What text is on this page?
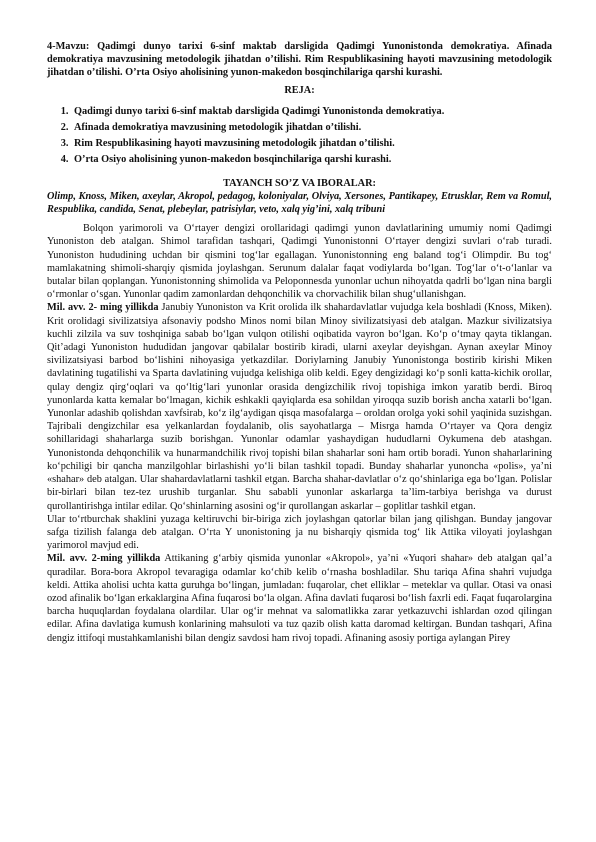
4-Mavzu: Qadimgi dunyo tarixi 6-sinf maktab darsligida Qadimgi Yunonistonda demokratiya. Afinada demokratiya mavzusining metodologik jihatdan o’tilishi. Rim Respublikasining hayoti mavzusining metodologik jihatdan o’tilishi. O’rta Osiyo aholisining yunon-makedon bosqinchilariga qarshi kurashi.

REJA:
1. Qadimgi dunyo tarixi 6-sinf maktab darsligida Qadimgi Yunonistonda demokratiya.
2. Afinada demokratiya mavzusining metodologik jihatdan o’tilishi.
3. Rim Respublikasining hayoti mavzusining metodologik jihatdan o’tilishi.
4. O’rta Osiyo aholisining yunon-makedon bosqinchilariga qarshi kurashi.
TAYANCH SO’Z VA IBORALAR:

Olimp, Knoss, Miken, axeylar, Akropol, pedagog, koloniyalar, Olviya, Xersones, Pantikapey, Etrusklar, Rem va Romul, Respublika, candida, Senat, plebeylar, patrisiylar, veto, xalq yig’ini, xalq tribuni

Bolqon yarimoroli va O‘rtayer dengizi orollaridagi qadimgi yunon davlatlarining umumiy nomi Qadimgi Yunoniston deb atalgan. Shimol tarafidan tashqari, Qadimgi Yunonistonni O‘rtayer dengizi suvlari o‘rab turadi. Yunoniston hududining uchdan bir qismini tog‘lar egallagan. Yunonistonning eng baland tog‘i Olimpdir. Bu tog‘ mamlakatning shimoli-sharqiy qismida joylashgan. Serunum dalalar faqat vodiylarda bo‘lgan. Tog‘lar o‘t-o‘lanlar va butalar bilan qoplangan. Yunonistonning shimolida va Peloponnesda yunonlar uchun nihoyatda qadrli bo‘lgan nina bargli o‘rmonlar o‘sgan. Yunonlar qadim zamonlardan dehqonchilik va chorvachilik bilan shug‘ullanishgan.

Mil. avv. 2- ming yillikda Janubiy Yunoniston va Krit orolida ilk shahardavlatlar vujudga kela boshladi (Knoss, Miken). Krit orolidagi sivilizatsiya afsonaviy podsho Minos nomi bilan Minoy sivilizatsiyasi deb atalgan. Mazkur sivilizatsiya kuchli zilzila va suv toshqiniga sabab bo‘lgan vulqon otilishi oqibatida vayron bo‘lgan. Ko‘p o‘tmay qayta tiklangan. Qit’adagi Yunoniston hududidan jangovar qabilalar bostirib kiradi, ularni axeylar deyishgan. Aynan axeylar Minoy sivilizatsiyasi barbod bo‘lishini nihoyasiga yetkazdilar. Doriylarning Janubiy Yunonistonga bostirib kirishi Miken davlatining tugatilishi va Sparta davlatining vujudga kelishiga olib keldi. Egey dengizidagi ko‘p sonli katta-kichik orollar, qulay dengiz qirg‘oqlari va qo‘ltig‘lari yunonlar orasida dengizchilik rivoj topishiga imkon yaratib berdi. Biroq yunonlarda katta kemalar bo‘lmagan, kichik eshkakli qayiqlarda esa sohildan yiroqqa suzib borish ancha xatarli bo‘lgan. Yunonlar adashib qolishdan xavfsirab, ko‘z ilg‘aydigan qisqa masofalarga – oroldan orolga yoki sohil yaqinida suzishgan. Tajribali dengizchilar esa yelkanlardan foydalanib, olis sayohatlarga – Misrga hamda O‘rtayer va Qora dengiz sohillaridagi shaharlarga suzib borishgan. Yunonlar odamlar yashaydigan hududlarni Oykumena deb atashgan. Yunonistonda dehqonchilik va hunarmandchilik rivoj topishi bilan shaharlar soni ham ortib boradi. Yunon shaharlarining ko‘pchiligi bir qancha manzilgohlar birlashishi yo‘li bilan tashkil topadi. Bunday shaharlar yunoncha «polis», ya’ni «shahar» deb atalgan. Ular shahardavlatlarni tashkil etgan. Barcha shahar-davlatlar o‘z qo‘shinlariga ega bo‘lgan. Polislar bir-birlari bilan tez-tez urushib turganlar. Shu sababli yunonlar askarlarga ta’lim-tarbiya berishga va durust qurollantirishga intilar edilar. Qo‘shinlarning asosini og‘ir qurollangan askarlar – goplitlar tashkil etgan.

Ular to‘rtburchak shaklini yuzaga keltiruvchi bir-biriga zich joylashgan qatorlar bilan jang qilishgan. Bunday jangovar safga tizilish falanga deb atalgan. O‘rta Y unonistoning ja nu bisharqiy qismida tog‘ lik Attika viloyati joylashgan yarimorol mavjud edi.

Mil. avv. 2-ming yillikda Attikaning g‘arbiy qismida yunonlar «Akropol», ya’ni «Yuqori shahar» deb atalgan qal’a quradilar. Bora-bora Akropol tevaragiga odamlar ko‘chib kelib o‘rnasha boshladilar. Shu tariqa Afina shahri vujudga keldi. Attika aholisi uchta katta guruhga bo‘lingan, jumladan: fuqarolar, chet elliklar – meteklar va qullar. Otasi va onasi ozod afinalik bo‘lgan erkaklargina Afina fuqarosi bo‘la olgan. Afina davlati fuqarosi bo‘lish faxrli edi. Faqat fuqarolargina barcha huquqlardan foydalana olardilar. Ular og‘ir mehnat va salomatlikka zarar yetkazuvchi ishlardan ozod qilingan edilar. Afina davlatiga kumush konlarining mahsuloti va tuz qazib olish katta daromad keltirgan. Bundan tashqari, Afina dengiz ittifoqi mustahkamlanishi bilan dengiz savdosi ham rivoj topadi. Afinaning asosiy portiga aylangan Pirey
